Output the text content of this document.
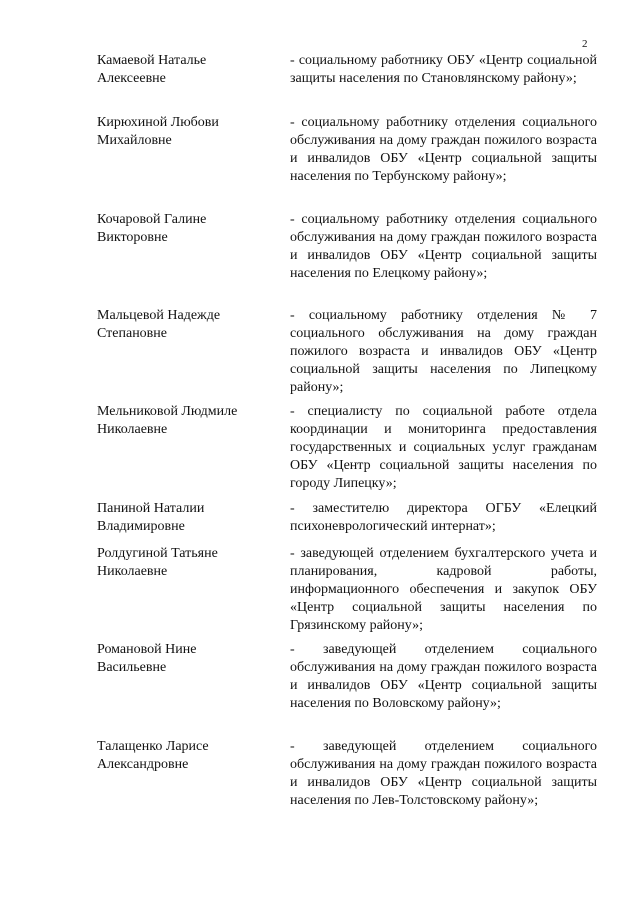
2
Камаевой Наталье
Алексеевне
- социальному работнику ОБУ «Центр социальной защиты населения по Становлянскому району»;
Кирюхиной Любови
Михайловне
- социальному работнику отделения социального обслуживания на дому граждан пожилого возраста и инвалидов ОБУ «Центр социальной защиты населения по Тербунскому району»;
Кочаровой Галине
Викторовне
- социальному работнику отделения социального обслуживания на дому граждан пожилого возраста и инвалидов ОБУ «Центр социальной защиты населения по Елецкому району»;
Мальцевой Надежде
Степановне
- социальному работнику отделения № 7 социального обслуживания на дому граждан пожилого возраста и инвалидов ОБУ «Центр социальной защиты населения по Липецкому району»;
Мельниковой Людмиле
Николаевне
- специалисту по социальной работе отдела координации и мониторинга предоставления государственных и социальных услуг гражданам ОБУ «Центр социальной защиты населения по городу Липецку»;
Паниной Наталии
Владимировне
- заместителю директора ОГБУ «Елецкий психоневрологический интернат»;
Ролдугиной Татьяне
Николаевне
- заведующей отделением бухгалтерского учета и планирования, кадровой работы, информационного обеспечения и закупок ОБУ «Центр социальной защиты населения по Грязинскому району»;
Романовой Нине
Васильевне
- заведующей отделением социального обслуживания на дому граждан пожилого возраста и инвалидов ОБУ «Центр социальной защиты населения по Воловскому району»;
Талащенко Ларисе
Александровне
- заведующей отделением социального обслуживания на дому граждан пожилого возраста и инвалидов ОБУ «Центр социальной защиты населения по Лев-Толстовскому району»;
